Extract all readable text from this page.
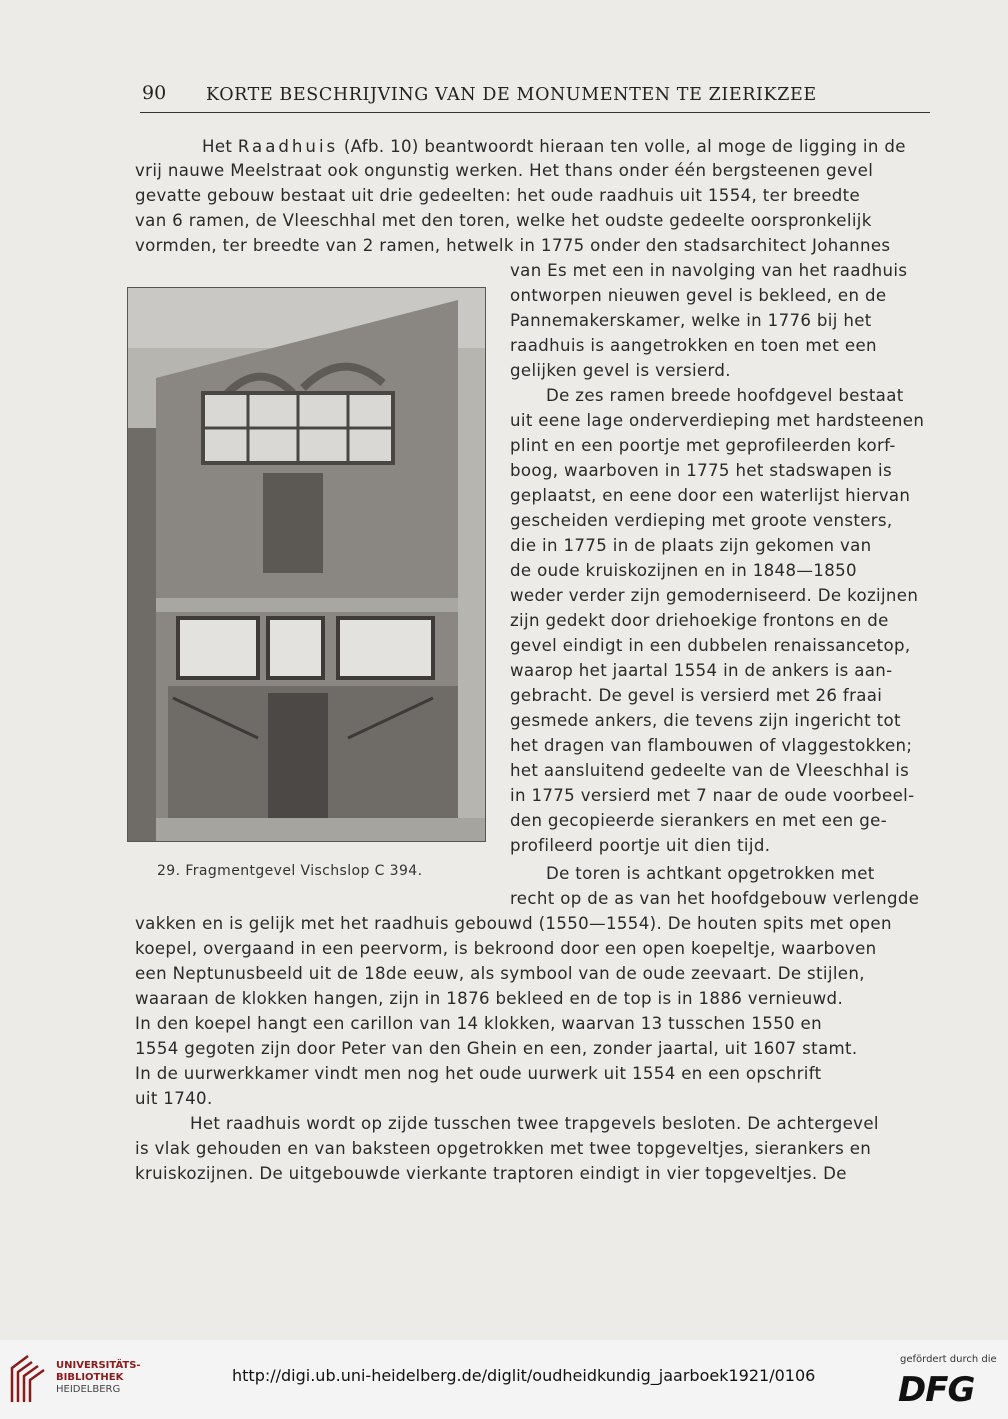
90 KORTE BESCHRIJVING VAN DE MONUMENTEN TE ZIERIKZEE
Het Raadhuis (Afb. 10) beantwoordt hieraan ten volle, al moge de ligging in de
vrij nauwe Meelstraat ook ongunstig werken. Het thans onder één bergsteenen gevel
gevatte gebouw bestaat uit drie gedeelten: het oude raadhuis uit 1554, ter breedte
van 6 ramen, de Vleeschhal met den toren, welke het oudste gedeelte oorspronkelijk
vormden, ter breedte van 2 ramen, hetwelk in 1775 onder den stadsarchitect Johannes
van Es met een in navolging van het raadhuis
ontworpen nieuwen gevel is bekleed, en de
Pannemakerskamer, welke in 1776 bij het
raadhuis is aangetrokken en toen met een
gelijken gevel is versierd.
De zes ramen breede hoofdgevel bestaat
uit eene lage onderverdieping met hardsteenen
plint en een poortje met geprofileerden korf-
boog, waarboven in 1775 het stadswapen is
geplaatst, en eene door een waterlijst hiervan
gescheiden verdieping met groote vensters,
die in 1775 in de plaats zijn gekomen van
de oude kruiskozijnen en in 1848—1850
weder verder zijn gemoderniseerd. De kozijnen
zijn gedekt door driehoekige frontons en de
gevel eindigt in een dubbelen renaissancetop,
waarop het jaartal 1554 in de ankers is aan-
gebracht. De gevel is versierd met 26 fraai
gesmede ankers, die tevens zijn ingericht tot
het dragen van flambouwen of vlaggestokken;
het aansluitend gedeelte van de Vleeschhal is
in 1775 versierd met 7 naar de oude voorbeel-
den gecopieerde sierankers en met een ge-
profileerd poortje uit dien tijd.
De toren is achtkant opgetrokken met
recht op de as van het hoofdgebouw verlengde
vakken en is gelijk met het raadhuis gebouwd (1550—1554). De houten spits met open
koepel, overgaand in een peervorm, is bekroond door een open koepeltje, waarboven
een Neptunusbeeld uit de 18de eeuw, als symbool van de oude zeevaart. De stijlen,
waaraan de klokken hangen, zijn in 1876 bekleed en de top is in 1886 vernieuwd.
In den koepel hangt een carillon van 14 klokken, waarvan 13 tusschen 1550 en
1554 gegoten zijn door Peter van den Ghein en een, zonder jaartal, uit 1607 stamt.
In de uurwerkkamer vindt men nog het oude uurwerk uit 1554 en een opschrift
uit 1740.
Het raadhuis wordt op zijde tusschen twee trapgevels besloten. De achtergevel
is vlak gehouden en van baksteen opgetrokken met twee topgeveltjes, sierankers en
kruiskozijnen. De uitgebouwde vierkante traptoren eindigt in vier topgeveltjes. De
29. Fragmentgevel Vischslop C 394.
UNIVERSITÄTS-
BIBLIOTHEK
HEIDELBERG
http://digi.ub.uni-heidelberg.de/diglit/oudheidkundig_jaarboek1921/0106
gefördert durch die
DFG
